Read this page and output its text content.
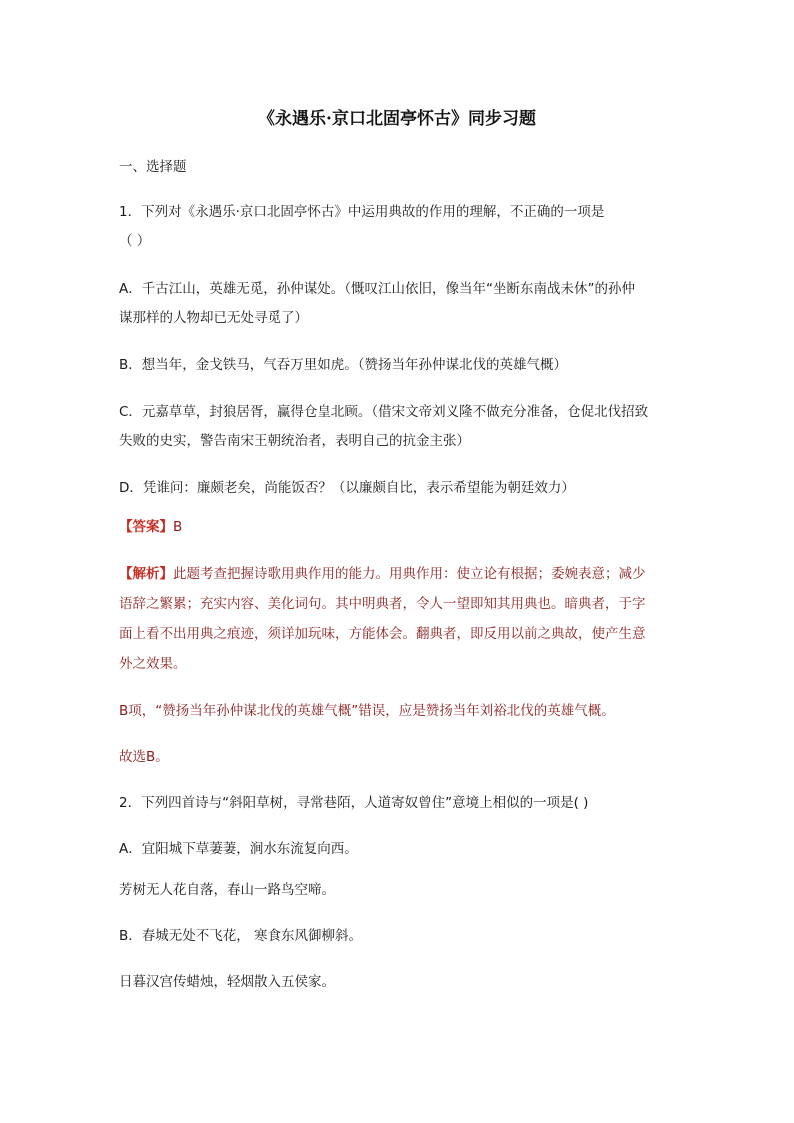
《永遇乐·京口北固亭怀古》同步习题
一、选择题
1．下列对《永遇乐·京口北固亭怀古》中运用典故的作用的理解，不正确的一项是
（ ）
A．千古江山，英雄无觅，孙仲谋处。（慨叹江山依旧，像当年“坐断东南战未休”的孙仲
谋那样的人物却已无处寻觅了）
B．想当年，金戈铁马，气吞万里如虎。（赞扬当年孙仲谋北伐的英雄气概）
C．元嘉草草，封狼居胥，赢得仓皇北顾。（借宋文帝刘义隆不做充分准备，仓促北伐招致
失败的史实，警告南宋王朝统治者，表明自己的抗金主张）
D．凭谁问：廉颇老矣，尚能饭否？（以廉颇自比，表示希望能为朝廷效力）
【答案】B
【解析】此题考查把握诗歌用典作用的能力。用典作用：使立论有根据；委婉表意；减少
语辞之繁累；充实内容、美化词句。其中明典者，令人一望即知其用典也。暗典者，于字
面上看不出用典之痕迹，须详加玩味，方能体会。翻典者，即反用以前之典故，使产生意
外之效果。
B项，“赞扬当年孙仲谋北伐的英雄气概”错误，应是赞扬当年刘裕北伐的英雄气概。
故选B。
2．下列四首诗与“斜阳草树，寻常巷陌，人道寄奴曾住”意境上相似的一项是( )
A．宜阳城下草萋萋，涧水东流复向西。
芳树无人花自落，春山一路鸟空啼。
B．春城无处不飞花， 寒食东风御柳斜。
日暮汉宫传蜡烛，轻烟散入五侯家。
